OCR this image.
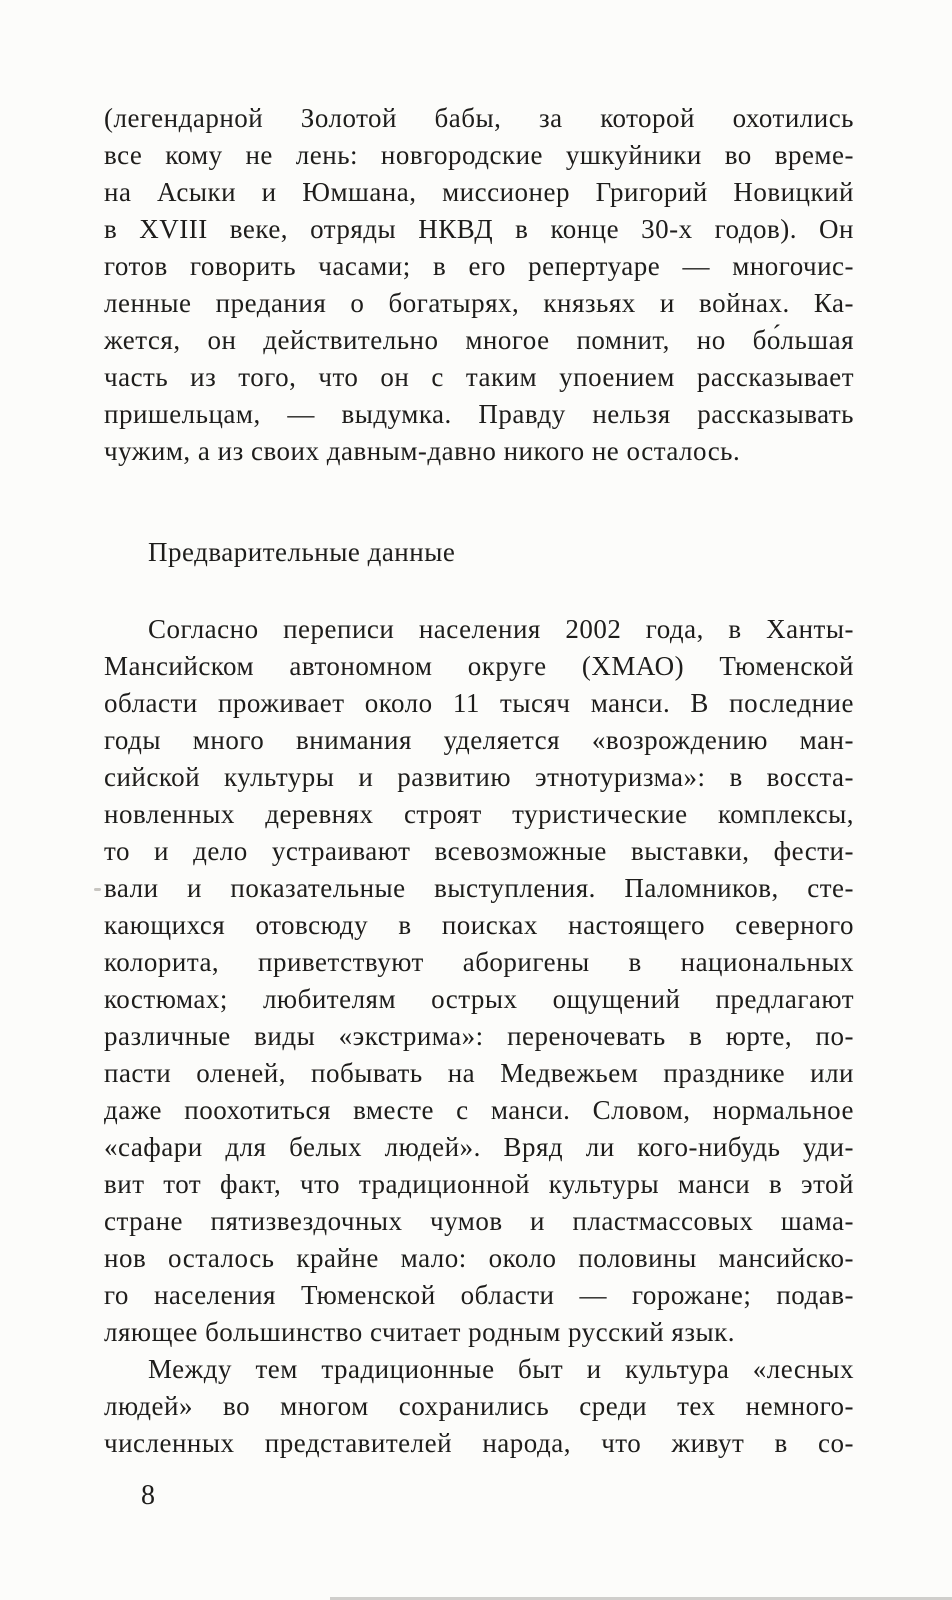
(легендарной Золотой бабы, за которой охотились
все кому не лень: новгородские ушкуйники во време-
на Асыки и Юмшана, миссионер Григорий Новицкий
в XVIII веке, отряды НКВД в конце 30-х годов). Он
готов говорить часами; в его репертуаре — многочис-
ленные предания о богатырях, князьях и войнах. Ка-
жется, он действительно многое помнит, но бо́льшая
часть из того, что он с таким упоением рассказывает
пришельцам, — выдумка. Правду нельзя рассказывать
чужим, а из своих давным-давно никого не осталось.
Предварительные данные
Согласно переписи населения 2002 года, в Ханты-
Мансийском автономном округе (ХМАО) Тюменской
области проживает около 11 тысяч манси. В последние
годы много внимания уделяется «возрождению ман-
сийской культуры и развитию этнотуризма»: в восста-
новленных деревнях строят туристические комплексы,
то и дело устраивают всевозможные выставки, фести-
вали и показательные выступления. Паломников, сте-
кающихся отовсюду в поисках настоящего северного
колорита, приветствуют аборигены в национальных
костюмах; любителям острых ощущений предлагают
различные виды «экстрима»: переночевать в юрте, по-
пасти оленей, побывать на Медвежьем празднике или
даже поохотиться вместе с манси. Словом, нормальное
«сафари для белых людей». Вряд ли кого-нибудь уди-
вит тот факт, что традиционной культуры манси в этой
стране пятизвездочных чумов и пластмассовых шама-
нов осталось крайне мало: около половины мансийско-
го населения Тюменской области — горожане; подав-
ляющее большинство считает родным русский язык.
Между тем традиционные быт и культура «лесных
людей» во многом сохранились среди тех немного-
численных представителей народа, что живут в со-
8
